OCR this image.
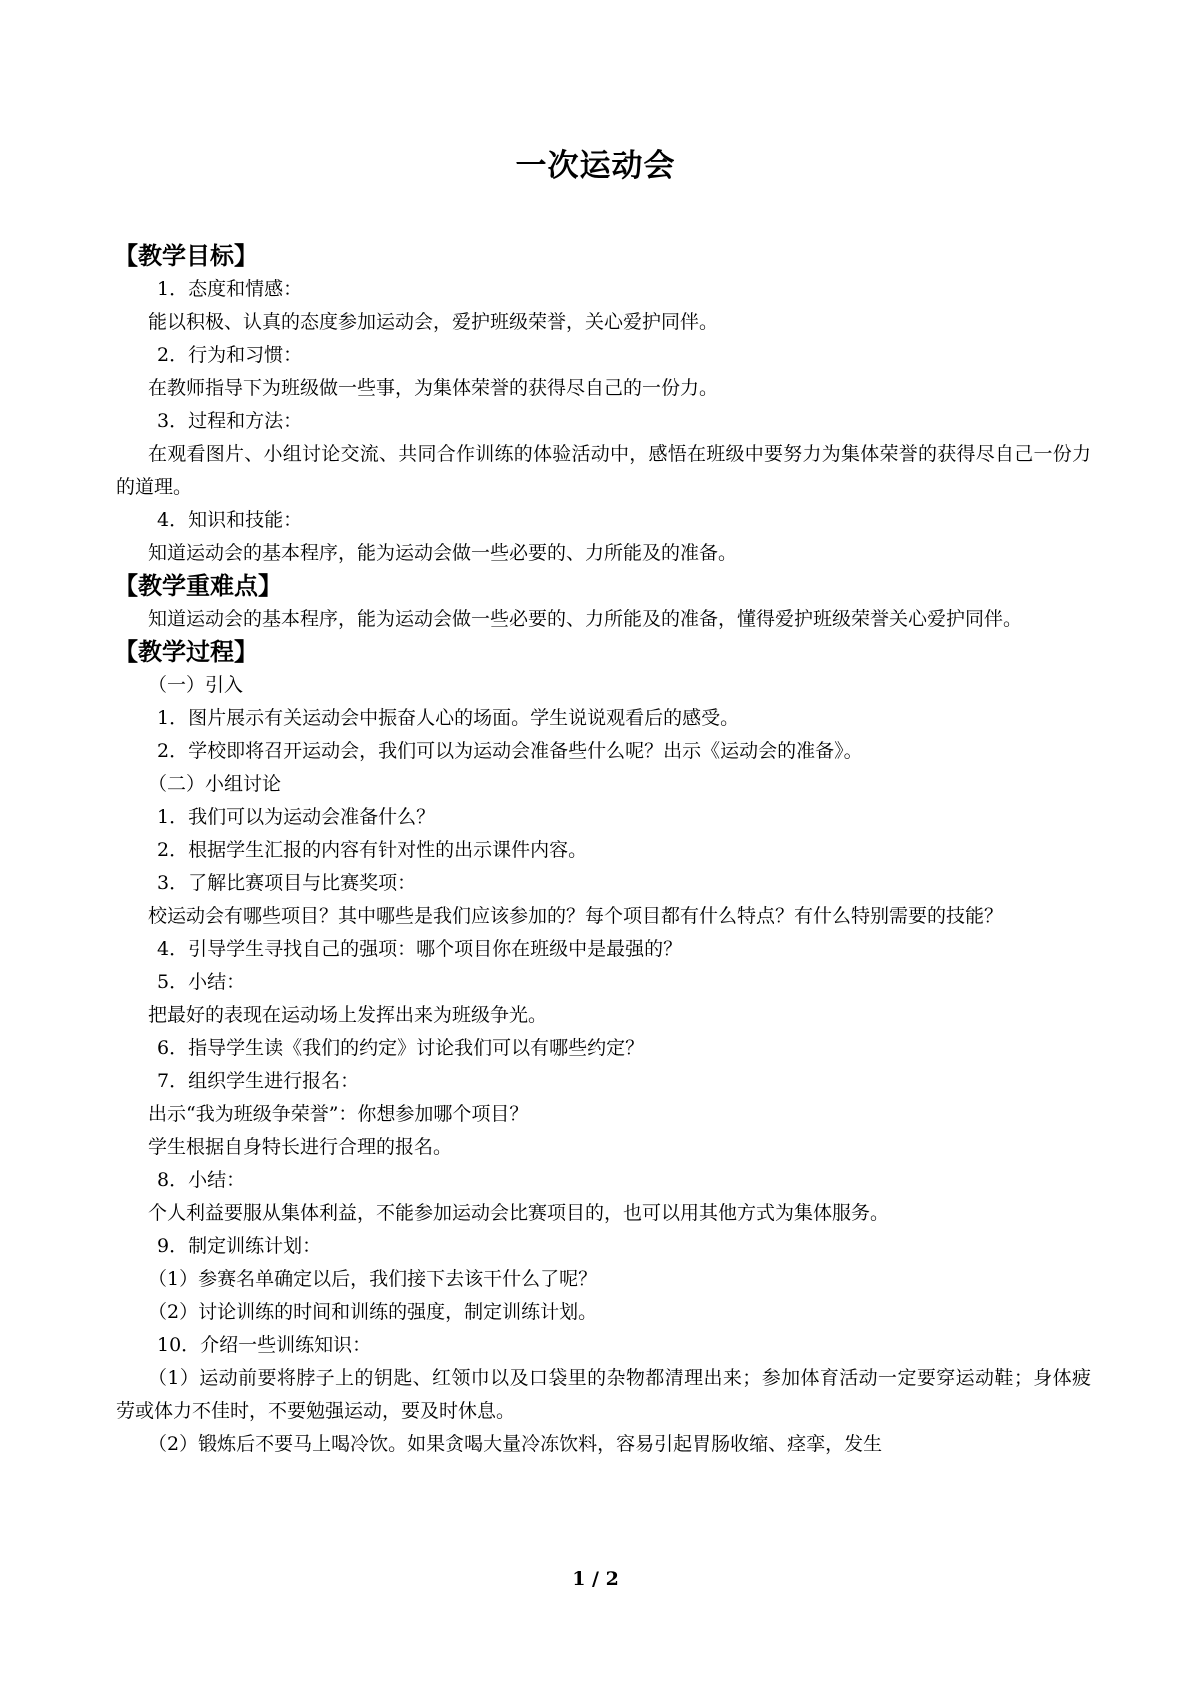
一次运动会
【教学目标】
1．态度和情感：
能以积极、认真的态度参加运动会，爱护班级荣誉，关心爱护同伴。
2．行为和习惯：
在教师指导下为班级做一些事，为集体荣誉的获得尽自己的一份力。
3．过程和方法：
在观看图片、小组讨论交流、共同合作训练的体验活动中，感悟在班级中要努力为集体荣誉的获得尽自己一份力的道理。
4．知识和技能：
知道运动会的基本程序，能为运动会做一些必要的、力所能及的准备。
【教学重难点】
知道运动会的基本程序，能为运动会做一些必要的、力所能及的准备，懂得爱护班级荣誉关心爱护同伴。
【教学过程】
（一）引入
1．图片展示有关运动会中振奋人心的场面。学生说说观看后的感受。
2．学校即将召开运动会，我们可以为运动会准备些什么呢？出示《运动会的准备》。
（二）小组讨论
1．我们可以为运动会准备什么？
2．根据学生汇报的内容有针对性的出示课件内容。
3．了解比赛项目与比赛奖项：
校运动会有哪些项目？其中哪些是我们应该参加的？每个项目都有什么特点？有什么特别需要的技能？
4．引导学生寻找自己的强项：哪个项目你在班级中是最强的？
5．小结：
把最好的表现在运动场上发挥出来为班级争光。
6．指导学生读《我们的约定》讨论我们可以有哪些约定？
7．组织学生进行报名：
出示“我为班级争荣誉”：你想参加哪个项目？
学生根据自身特长进行合理的报名。
8．小结：
个人利益要服从集体利益，不能参加运动会比赛项目的，也可以用其他方式为集体服务。
9．制定训练计划：
（1）参赛名单确定以后，我们接下去该干什么了呢？
（2）讨论训练的时间和训练的强度，制定训练计划。
10．介绍一些训练知识：
（1）运动前要将脖子上的钥匙、红领巾以及口袋里的杂物都清理出来；参加体育活动一定要穿运动鞋；身体疲劳或体力不佳时，不要勉强运动，要及时休息。
（2）锻炼后不要马上喝冷饮。如果贪喝大量冷冻饮料，容易引起胃肠收缩、痉挛，发生
1 / 2
